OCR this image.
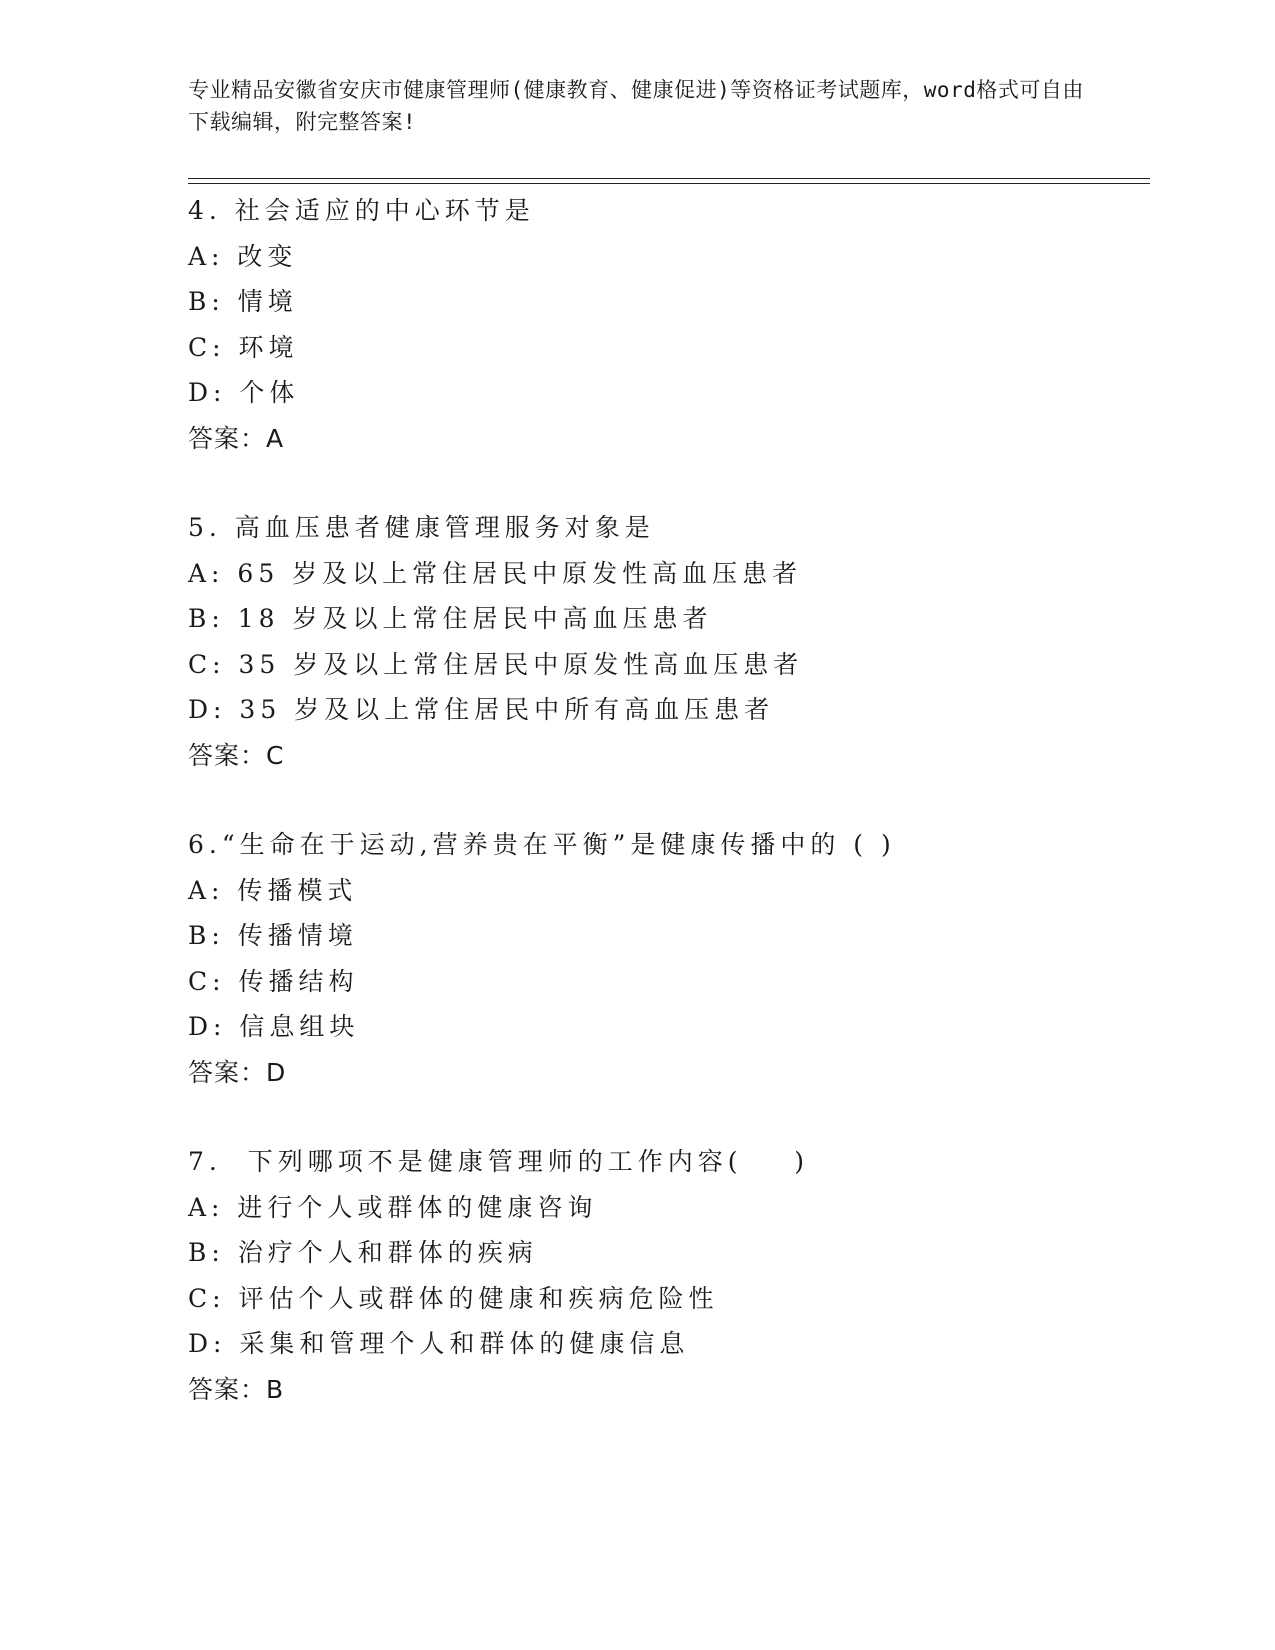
专业精品安徽省安庆市健康管理师(健康教育、健康促进)等资格证考试题库，word格式可自由下载编辑，附完整答案!
4. 社会适应的中心环节是
A: 改变
B: 情境
C: 环境
D: 个体
答案：A
5. 高血压患者健康管理服务对象是
A: 65 岁及以上常住居民中原发性高血压患者
B: 18 岁及以上常住居民中高血压患者
C: 35 岁及以上常住居民中原发性高血压患者
D: 35 岁及以上常住居民中所有高血压患者
答案：C
6.“生命在于运动,营养贵在平衡”是健康传播中的 ( )
A: 传播模式
B: 传播情境
C: 传播结构
D: 信息组块
答案：D
7.  下列哪项不是健康管理师的工作内容(    )
A: 进行个人或群体的健康咨询
B: 治疗个人和群体的疾病
C: 评估个人或群体的健康和疾病危险性
D: 采集和管理个人和群体的健康信息
答案：B
